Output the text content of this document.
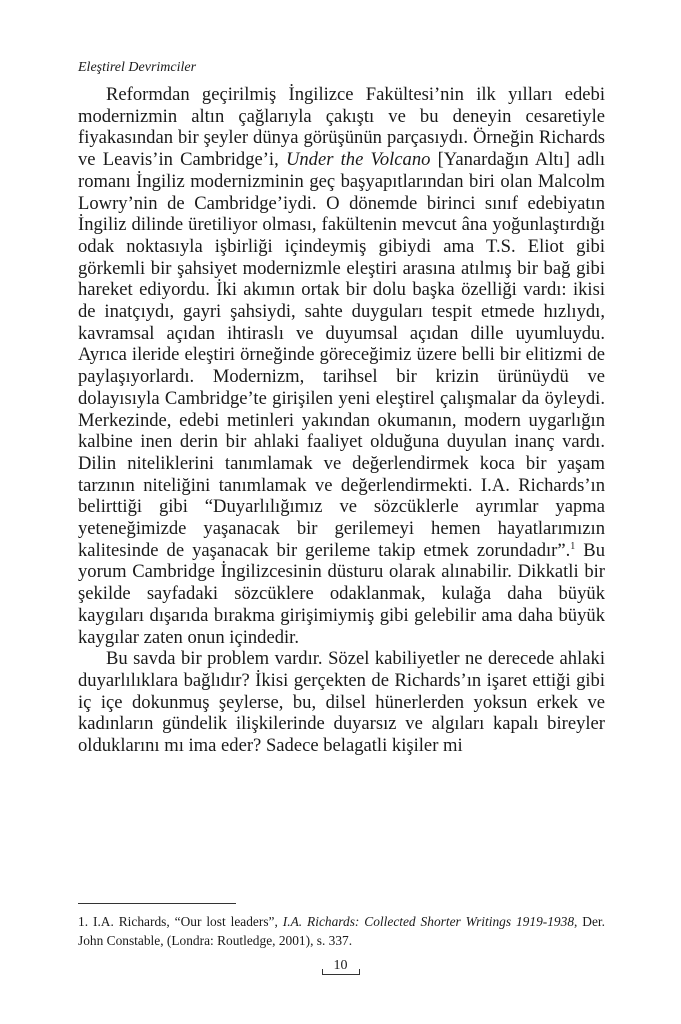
Eleştirel Devrimciler

Reformdan geçirilmiş İngilizce Fakültesi’nin ilk yılları edebi modernizmin altın çağlarıyla çakıştı ve bu deneyin cesaretiyle fiyakasından bir şeyler dünya görüşünün parçasıydı. Örneğin Richards ve Leavis’in Cambridge’i, Under the Volcano [Yanardağın Altı] adlı romanı İngiliz modernizminin geç başyapıtlarından biri olan Malcolm Lowry’nin de Cambridge’iydi. O dönemde birinci sınıf edebiyatın İngiliz dilinde üretiliyor olması, fakültenin mevcut âna yoğunlaştırdığı odak noktasıyla işbirliği içindeymiş gibiydi ama T.S. Eliot gibi görkemli bir şahsiyet modernizmle eleştiri arasına atılmış bir bağ gibi hareket ediyordu. İki akımın ortak bir dolu başka özelliği vardı: ikisi de inatçıydı, gayri şahsiydi, sahte duyguları tespit etmede hızlıydı, kavramsal açıdan ihtiraslı ve duyumsal açıdan dille uyumluydu. Ayrıca ileride eleştiri örneğinde göreceğimiz üzere belli bir elitizmi de paylaşıyorlardı. Modernizm, tarihsel bir krizin ürünüydü ve dolayısıyla Cambridge’te girişilen yeni eleştirel çalışmalar da öyleydi. Merkezinde, edebi metinleri yakından okumanın, modern uygarlığın kalbine inen derin bir ahlaki faaliyet olduğuna duyulan inanç vardı. Dilin niteliklerini tanımlamak ve değerlendirmek koca bir yaşam tarzının niteliğini tanımlamak ve değerlendirmekti. I.A. Richards’ın belirttiği gibi “Duyarlılığımız ve sözcüklerle ayrımlar yapma yeteneğimizde yaşanacak bir gerilemeyi hemen hayatlarımızın kalitesinde de yaşanacak bir gerileme takip etmek zorundadır”.$^1$ Bu yorum Cambridge İngilizcesinin düsturu olarak alınabilir. Dikkatli bir şekilde sayfadaki sözcüklere odaklanmak, kulağa daha büyük kaygıları dışarıda bırakma girişimiymiş gibi gelebilir ama daha büyük kaygılar zaten onun içindedir.

Bu savda bir problem vardır. Sözel kabiliyetler ne derecede ahlaki duyarlılıklara bağlıdır? İkisi gerçekten de Richards’ın işaret ettiği gibi iç içe dokunmuş şeylerse, bu, dilsel hünerlerden yoksun erkek ve kadınların gündelik ilişkilerinde duyarsız ve algıları kapalı bireyler olduklarını mı ima eder? Sadece belagatli kişiler mi

1. I.A. Richards, “Our lost leaders”, I.A. Richards: Collected Shorter Writings 1919-1938, Der. John Constable, (Londra: Routledge, 2001), s. 337.
10
